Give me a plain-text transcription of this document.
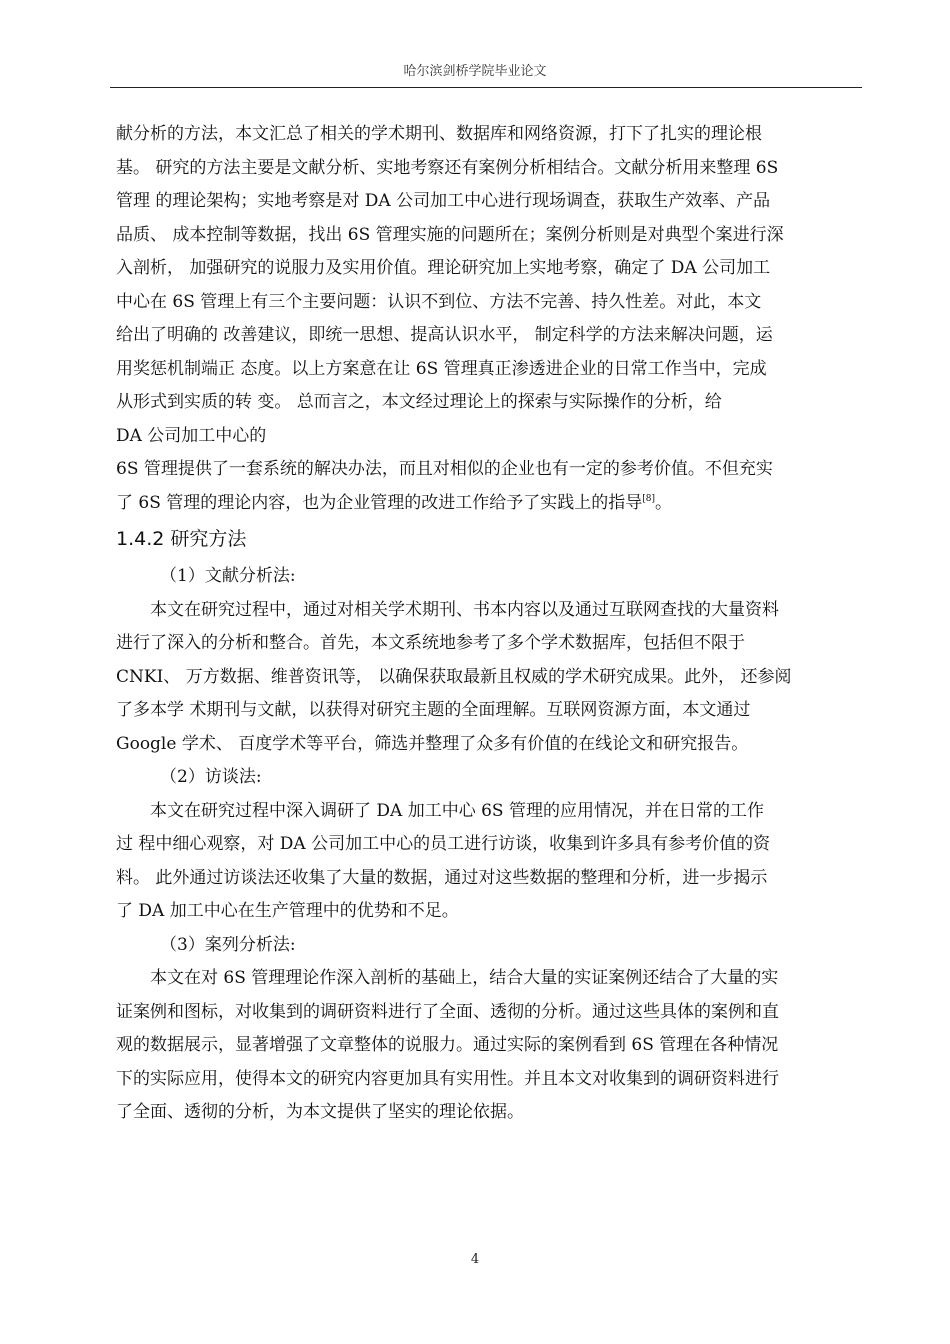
哈尔滨剑桥学院毕业论文
献分析的方法，本文汇总了相关的学术期刊、数据库和网络资源，打下了扎实的理论根
基。 研究的方法主要是文献分析、实地考察还有案例分析相结合。文献分析用来整理 6S
管理 的理论架构；实地考察是对 DA 公司加工中心进行现场调查，获取生产效率、产品
品质、 成本控制等数据，找出 6S 管理实施的问题所在；案例分析则是对典型个案进行深
入剖析， 加强研究的说服力及实用价值。理论研究加上实地考察，确定了 DA 公司加工
中心在 6S 管理上有三个主要问题：认识不到位、方法不完善、持久性差。对此，本文
给出了明确的 改善建议，即统一思想、提高认识水平， 制定科学的方法来解决问题，运
用奖惩机制端正 态度。以上方案意在让 6S 管理真正渗透进企业的日常工作当中，完成
从形式到实质的转 变。 总而言之，本文经过理论上的探索与实际操作的分析，给
DA 公司加工中心的
6S 管理提供了一套系统的解决办法，而且对相似的企业也有一定的参考价值。不但充实
了 6S 管理的理论内容，也为企业管理的改进工作给予了实践上的指导[8]。
1.4.2 研究方法
（1）文献分析法:
本文在研究过程中，通过对相关学术期刊、书本内容以及通过互联网查找的大量资料
进行了深入的分析和整合。首先，本文系统地参考了多个学术数据库，包括但不限于
CNKI、 万方数据、维普资讯等， 以确保获取最新且权威的学术研究成果。此外， 还参阅
了多本学 术期刊与文献，以获得对研究主题的全面理解。互联网资源方面，本文通过
Google 学术、 百度学术等平台，筛选并整理了众多有价值的在线论文和研究报告。
（2）访谈法:
本文在研究过程中深入调研了 DA 加工中心 6S 管理的应用情况，并在日常的工作
过 程中细心观察，对 DA 公司加工中心的员工进行访谈，收集到许多具有参考价值的资
料。 此外通过访谈法还收集了大量的数据，通过对这些数据的整理和分析，进一步揭示
了 DA 加工中心在生产管理中的优势和不足。
（3）案列分析法:
本文在对 6S 管理理论作深入剖析的基础上，结合大量的实证案例还结合了大量的实
证案例和图标，对收集到的调研资料进行了全面、透彻的分析。通过这些具体的案例和直
观的数据展示，显著增强了文章整体的说服力。通过实际的案例看到 6S 管理在各种情况
下的实际应用，使得本文的研究内容更加具有实用性。并且本文对收集到的调研资料进行
了全面、透彻的分析，为本文提供了坚实的理论依据。
4
